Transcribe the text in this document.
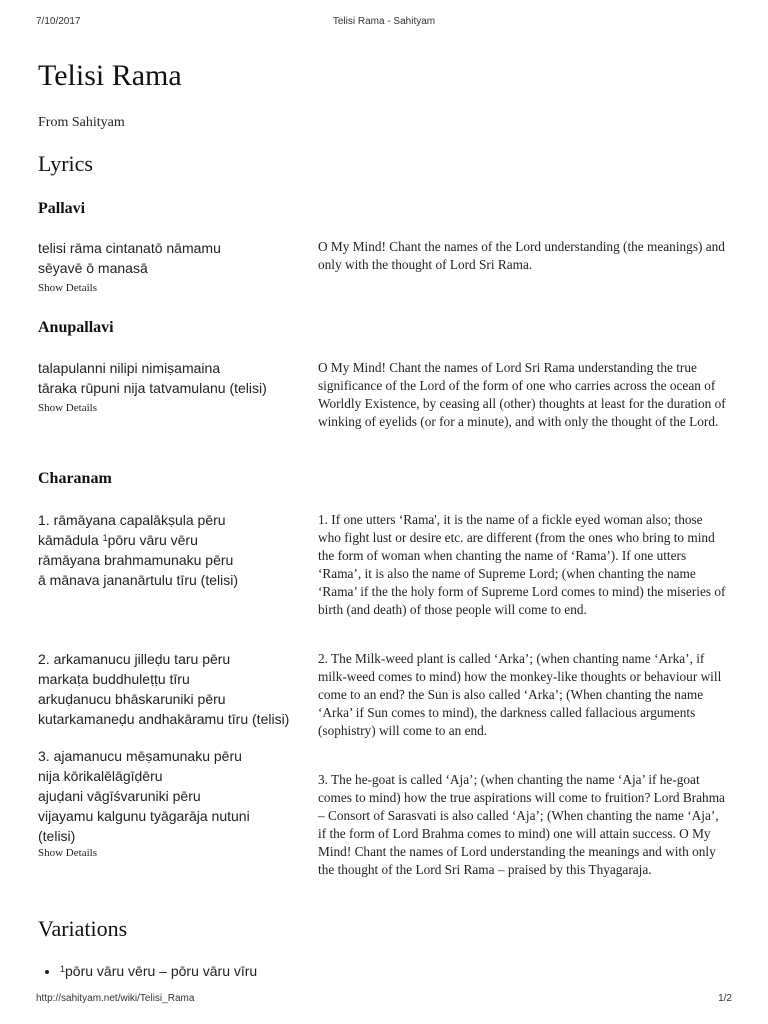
7/10/2017	Telisi Rama - Sahityam
Telisi Rama
From Sahityam
Lyrics
Pallavi
telisi rāma cintanatō nāmamu
sēyavē ō manasā
Show Details
O My Mind! Chant the names of the Lord understanding (the meanings) and only with the thought of Lord Sri Rama.
Anupallavi
talapulanni nilipi nimiṣamaina
tāraka rūpuni nija tatvamulanu (telisi)
Show Details
O My Mind! Chant the names of Lord Sri Rama understanding the true significance of the Lord of the form of one who carries across the ocean of Worldly Existence, by ceasing all (other) thoughts at least for the duration of winking of eyelids (or for a minute), and with only the thought of the Lord.
Charanam
1. rāmāyana capalākṣula pēru
kāmādula $^1$pōru vāru vēru
rāmāyana brahmamunaku pēru
ā mānava jananārtulu tīru (telisi)
1. If one utters ‘Rama', it is the name of a fickle eyed woman also; those who fight lust or desire etc. are different (from the ones who bring to mind the form of woman when chanting the name of ‘Rama’). If one utters ‘Rama’, it is also the name of Supreme Lord; (when chanting the name ‘Rama’ if the the holy form of Supreme Lord comes to mind) the miseries of birth (and death) of those people will come to end.
2. arkamanucu jilleḍu taru pēru
markaṭa buddhuleṭṭu tīru
arkuḍanucu bhāskaruniki pēru
kutarkamaneḍu andhakāramu tīru (telisi)
2. The Milk-weed plant is called ‘Arka’; (when chanting name ‘Arka’, if milk-weed comes to mind) how the monkey-like thoughts or behaviour will come to an end? the Sun is also called ‘Arka’; (When chanting the name ‘Arka’ if Sun comes to mind), the darkness called fallacious arguments (sophistry) will come to an end.
3. ajamanucu mēṣamunaku pēru
nija kōrikalēlāgīḍēru
ajuḍani vāgīśvaruniki pēru
vijayamu kalgunu tyāgarāja nutuni
(telisi)
Show Details
3. The he-goat is called ‘Aja’; (when chanting the name ‘Aja’ if he-goat comes to mind) how the true aspirations will come to fruition? Lord Brahma – Consort of Sarasvati is also called ‘Aja’; (When chanting the name ‘Aja’, if the form of Lord Brahma comes to mind) one will attain success. O My Mind! Chant the names of Lord understanding the meanings and with only the thought of the Lord Sri Rama – praised by this Thyagaraja.
Variations
• $^1$pōru vāru vēru – pōru vāru vīru
http://sahityam.net/wiki/Telisi_Rama	1/2
